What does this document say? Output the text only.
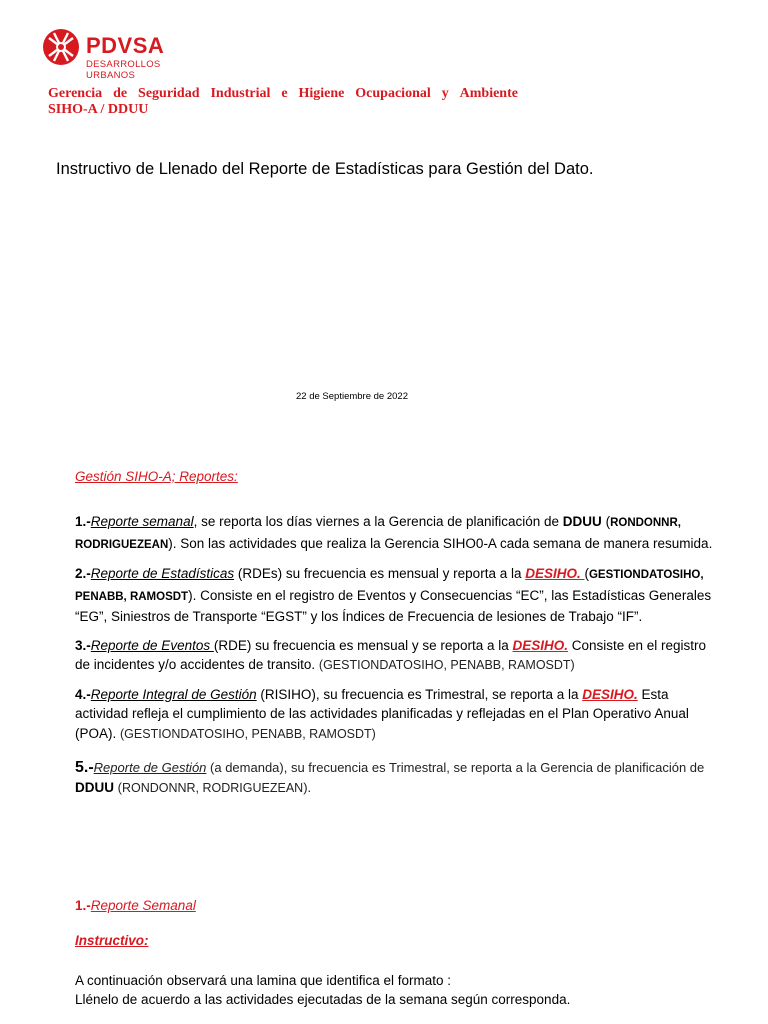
PDVSA
DESARROLLOS URBANOS
Gerencia de Seguridad Industrial e Higiene Ocupacional y Ambiente
SIHO-A / DDUU
Instructivo de Llenado del Reporte de Estadísticas para Gestión del Dato.
22 de Septiembre de 2022
Gestión SIHO-A; Reportes:
1.-Reporte semanal, se reporta los días viernes a la Gerencia de planificación de DDUU (RONDONNR, RODRIGUEZEAN). Son las actividades que realiza la Gerencia SIHO0-A cada semana de manera resumida.
2.-Reporte de Estadísticas (RDEs) su frecuencia es mensual y reporta a la DESIHO. (GESTIONDATOSIHO, PENABB, RAMOSDT). Consiste en el registro de Eventos y Consecuencias “EC”, las Estadísticas Generales “EG”, Siniestros de Transporte “EGST” y los Índices de Frecuencia de lesiones de Trabajo “IF”.
3.-Reporte de Eventos (RDE) su frecuencia es mensual y se reporta a la DESIHO. Consiste en el registro de incidentes y/o accidentes de transito. (GESTIONDATOSIHO, PENABB, RAMOSDT)
4.-Reporte Integral de Gestión (RISIHO), su frecuencia es Trimestral, se reporta a la DESIHO. Esta actividad refleja el cumplimiento de las actividades planificadas y reflejadas en el Plan Operativo Anual (POA). (GESTIONDATOSIHO, PENABB, RAMOSDT)
5.-Reporte de Gestión (a demanda), su frecuencia es Trimestral, se reporta a la Gerencia de planificación de DDUU (RONDONNR, RODRIGUEZEAN).
1.-Reporte Semanal
Instructivo:
A continuación observará una lamina que identifica el formato :
Llénelo de acuerdo a las actividades ejecutadas de la semana según corresponda.
